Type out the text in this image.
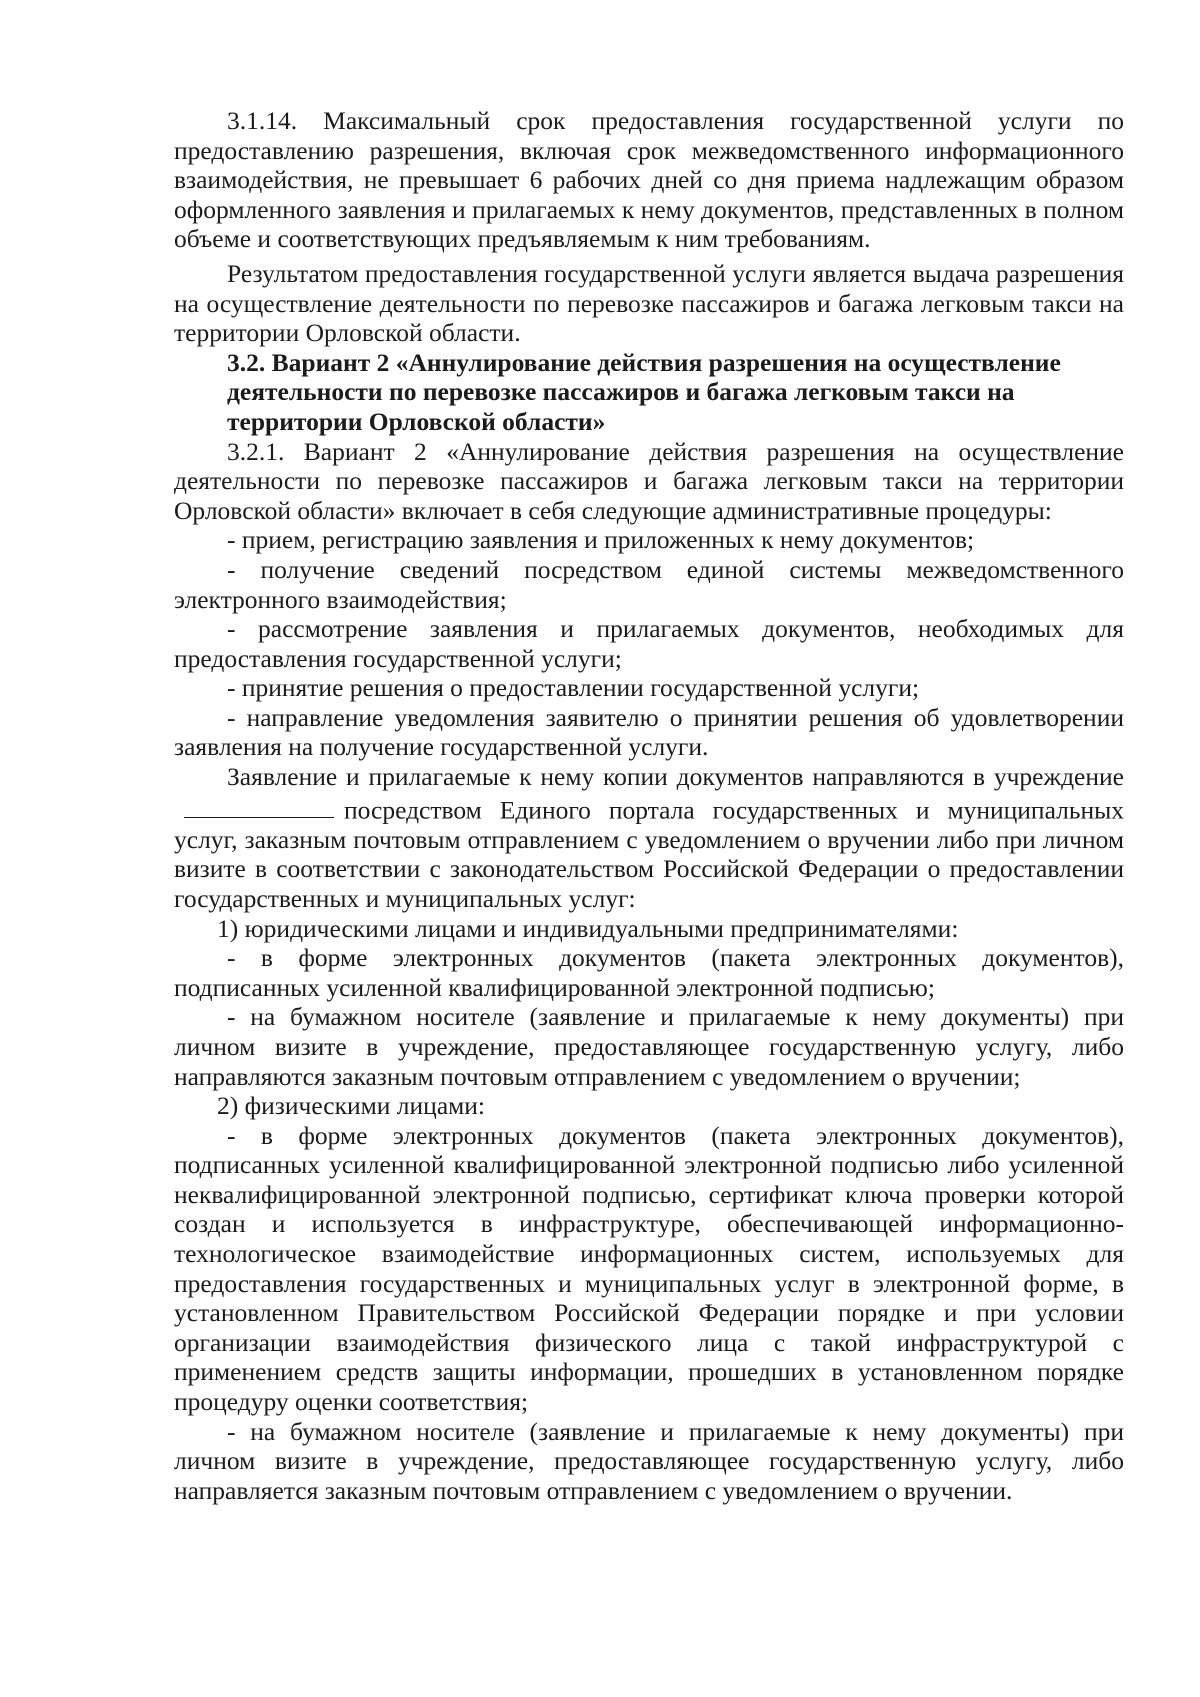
3.1.14. Максимальный срок предоставления государственной услуги по предоставлению разрешения, включая срок межведомственного информационного взаимодействия, не превышает 6 рабочих дней со дня приема надлежащим образом оформленного заявления и прилагаемых к нему документов, представленных в полном объеме и соответствующих предъявляемым к ним требованиям.

Результатом предоставления государственной услуги является выдача разрешения на осуществление деятельности по перевозке пассажиров и багажа легковым такси на территории Орловской области.

3.2. Вариант 2 «Аннулирование действия разрешения на осуществление
деятельности по перевозке пассажиров и багажа легковым такси на
территории Орловской области»

3.2.1. Вариант 2 «Аннулирование действия разрешения на осуществление деятельности по перевозке пассажиров и багажа легковым такси на территории Орловской области» включает в себя следующие административные процедуры:

- прием, регистрацию заявления и приложенных к нему документов;

- получение сведений посредством единой системы межведомственного электронного взаимодействия;

- рассмотрение заявления и прилагаемых документов, необходимых для предоставления государственной услуги;

- принятие решения о предоставлении государственной услуги;

- направление уведомления заявителю о принятии решения об удовлетворении заявления на получение государственной услуги.

Заявление и прилагаемые к нему копии документов направляются в учреждениепосредством Единого портала государственных и муниципальных услуг, заказным почтовым отправлением с уведомлением о вручении либо при личном визите в соответствии с законодательством Российской Федерации о предоставлении государственных и муниципальных услуг:

1) юридическими лицами и индивидуальными предпринимателями:

- в форме электронных документов (пакета электронных документов), подписанных усиленной квалифицированной электронной подписью;

- на бумажном носителе (заявление и прилагаемые к нему документы) при личном визите в учреждение, предоставляющее государственную услугу, либо направляются заказным почтовым отправлением с уведомлением о вручении;

2) физическими лицами:

- в форме электронных документов (пакета электронных документов), подписанных усиленной квалифицированной электронной подписью либо усиленной неквалифицированной электронной подписью, сертификат ключа проверки которой создан и используется в инфраструктуре, обеспечивающей информационно-технологическое взаимодействие информационных систем, используемых для предоставления государственных и муниципальных услуг в электронной форме, в установленном Правительством Российской Федерации порядке и при условии организации взаимодействия физического лица с такой инфраструктурой с применением средств защиты информации, прошедших в установленном порядке процедуру оценки соответствия;

- на бумажном носителе (заявление и прилагаемые к нему документы) при личном визите в учреждение, предоставляющее государственную услугу, либо направляется заказным почтовым отправлением с уведомлением о вручении.
